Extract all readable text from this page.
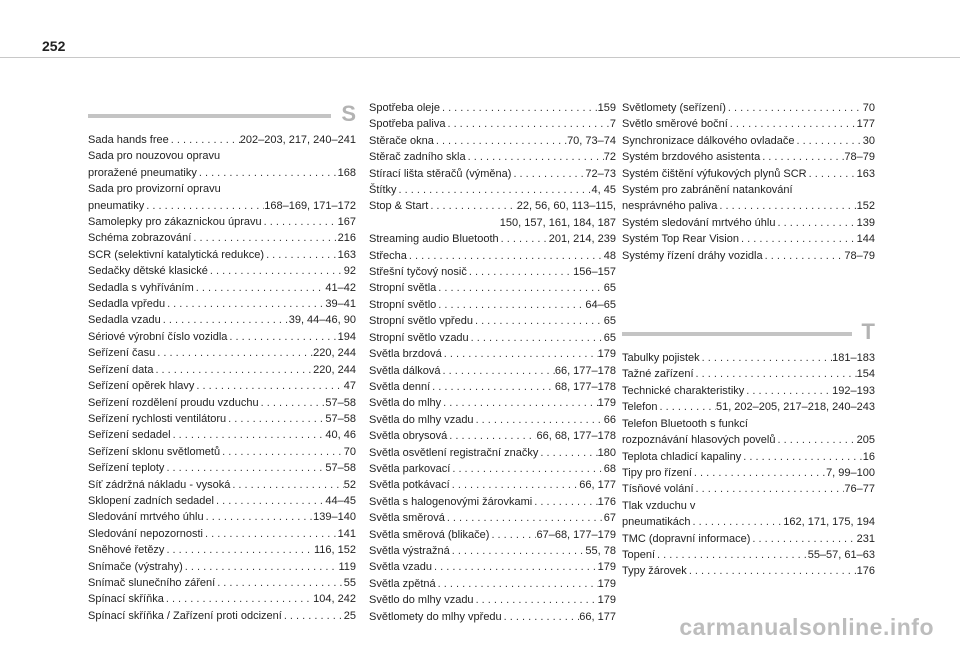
252
S
Sada hands free . . .	202–203, 217, 240–241
Sada pro nouzovou opravu
proražené pneumatiky . . .	168
Sada pro provizorní opravu
pneumatiky . . .	168–169, 171–172
Samolepky pro zákaznickou úpravu . . .	167
Schéma zobrazování . . .	216
SCR (selektivní katalytická redukce) . . .	163
Sedačky dětské klasické . . .	92
Sedadla s vyhříváním . . .	41–42
Sedadla vpředu . . .	39–41
Sedadla vzadu . . .	39, 44–46, 90
Sériové výrobní číslo vozidla . . .	194
Seřízení času . . .	220, 244
Seřízení data . . .	220, 244
Seřízení opěrek hlavy . . .	47
Seřízení rozdělení proudu vzduchu . . .	57–58
Seřízení rychlosti ventilátoru . . .	57–58
Seřízení sedadel . . .	40, 46
Seřízení sklonu světlometů . . .	70
Seřízení teploty . . .	57–58
Síť zádržná nákladu - vysoká . . .	52
Sklopení zadních sedadel . . .	44–45
Sledování mrtvého úhlu . . .	139–140
Sledování nepozornosti . . .	141
Sněhové řetězy . . .	116, 152
Snímače (výstrahy) . . .	119
Snímač slunečního záření . . .	55
Spínací skříňka . . .	104, 242
Spínací skříňka / Zařízení proti odcizení . . .	25
Spotřeba oleje . . .	159
Spotřeba paliva . . .	7
Stěrače okna . . .	70, 73–74
Stěrač zadního skla . . .	72
Stírací lišta stěračů (výměna) . . .	72–73
Štítky . . .	4, 45
Stop & Start . . .	22, 56, 60, 113–115,
150, 157, 161, 184, 187
Streaming audio Bluetooth . . .	201, 214, 239
Střecha . . .	48
Střešní tyčový nosič . . .	156–157
Stropní světla . . .	65
Stropní světlo . . .	64–65
Stropní světlo vpředu . . .	65
Stropní světlo vzadu . . .	65
Světla brzdová . . .	179
Světla dálková . . .	66, 177–178
Světla denní . . .	68, 177–178
Světla do mlhy . . .	179
Světla do mlhy vzadu . . .	66
Světla obrysová . . .	66, 68, 177–178
Světla osvětlení registrační značky . . .	180
Světla parkovací . . .	68
Světla potkávací . . .	66, 177
Světla s halogenovými žárovkami . . .	176
Světla směrová . . .	67
Světla směrová (blikače) . . .	67–68, 177–179
Světla výstražná . . .	55, 78
Světla vzadu . . .	179
Světla zpětná . . .	179
Světlo do mlhy vzadu . . .	179
Světlomety do mlhy vpředu . . .	66, 177
Světlomety (seřízení) . . .	70
Světlo směrové boční . . .	177
Synchronizace dálkového ovladače . . .	30
Systém brzdového asistenta . . .	78–79
Systém čištění výfukových plynů SCR . . .	163
Systém pro zabránění natankování
nesprávného paliva . . .	152
Systém sledování mrtvého úhlu . . .	139
Systém Top Rear Vision . . .	144
Systémy řízení dráhy vozidla . . .	78–79
T
Tabulky pojistek . . .	181–183
Tažné zařízení . . .	154
Technické charakteristiky . . .	192–193
Telefon . . .	51, 202–205, 217–218, 240–243
Telefon Bluetooth s funkcí
rozpoznávání hlasových povelů . . .	205
Teplota chladicí kapaliny . . .	16
Tipy pro řízení . . .	7, 99–100
Tísňové volání . . .	76–77
Tlak vzduchu v
pneumatikách . . .	162, 171, 175, 194
TMC (dopravní informace) . . .	231
Topení . . .	55–57, 61–63
Typy žárovek . . .	176
carmanualsonline.info
